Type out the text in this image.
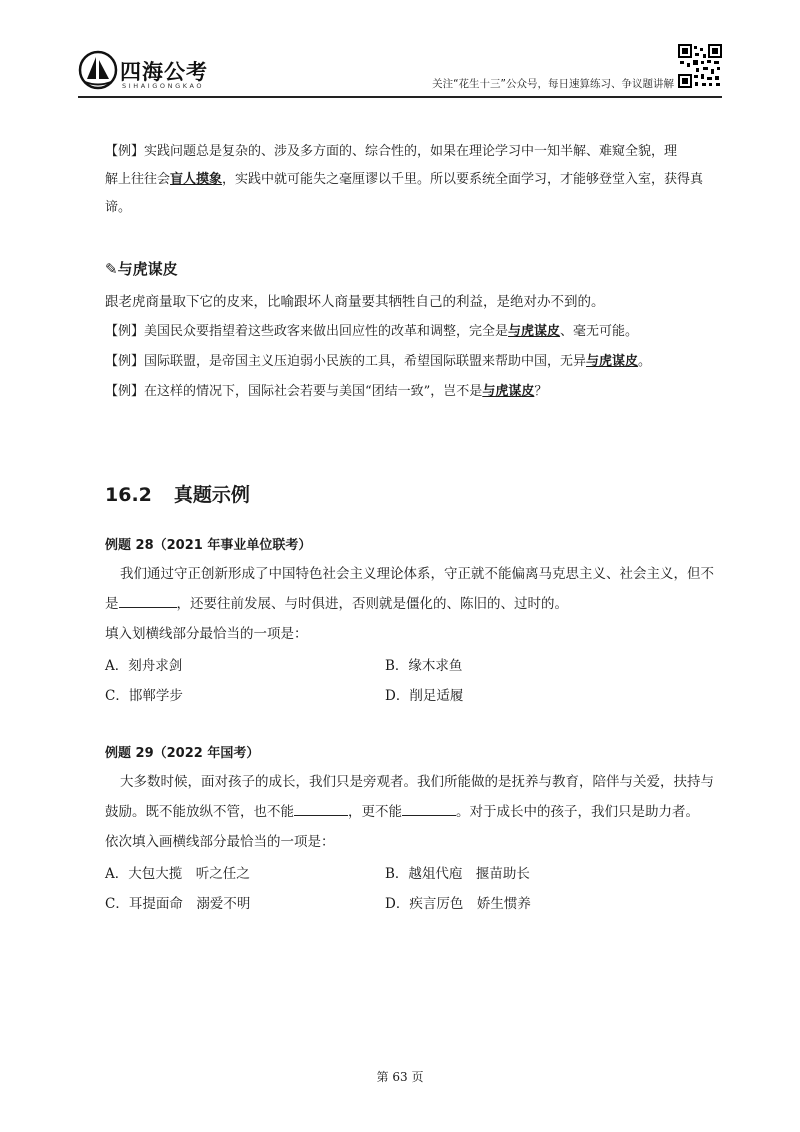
四海公考
SIHAIGONGKAO	关注“花生十三”公众号，每日速算练习、争议题讲解
【例】实践问题总是复杂的、涉及多方面的、综合性的，如果在理论学习中一知半解、难窥全貌，理
解上往往会盲人摸象，实践中就可能失之毫厘谬以千里。所以要系统全面学习，才能够登堂入室，获得真
谛。
✎与虎谋皮
跟老虎商量取下它的皮来，比喻跟坏人商量要其牺牲自己的利益，是绝对办不到的。
【例】美国民众要指望着这些政客来做出回应性的改革和调整，完全是与虎谋皮、毫无可能。
【例】国际联盟，是帝国主义压迫弱小民族的工具，希望国际联盟来帮助中国，无异与虎谋皮。
【例】在这样的情况下，国际社会若要与美国“团结一致”，岂不是与虎谋皮？
16.2 真题示例
例题 28（2021 年事业单位联考）
我们通过守正创新形成了中国特色社会主义理论体系，守正就不能偏离马克思主义、社会主义，但不
是	，还要往前发展、与时俱进，否则就是僵化的、陈旧的、过时的。
填入划横线部分最恰当的一项是：
A．刻舟求剑	B．缘木求鱼
C．邯郸学步	D．削足适履
例题 29（2022 年国考）
大多数时候，面对孩子的成长，我们只是旁观者。我们所能做的是抚养与教育，陪伴与关爱，扶持与
鼓励。既不能放纵不管，也不能	，更不能	。对于成长中的孩子，我们只是助力者。
依次填入画横线部分最恰当的一项是：
A．大包大揽　听之任之	B．越俎代庖　揠苗助长
C．耳提面命　溺爱不明	D．疾言厉色　娇生惯养
第 63 页
